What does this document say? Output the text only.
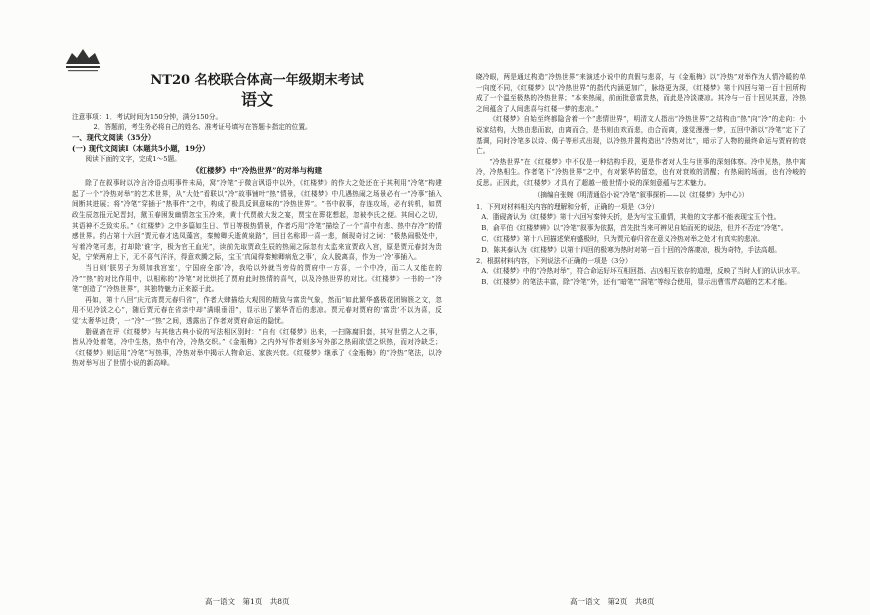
NT20 名校联合体高一年级期末考试

语文

注意事项：1．考试时间为150分钟，满分150分。

2．答题前，考生务必将自己的姓名、准考证号填写在答题卡指定的位置。

一、现代文阅读（35分）

(一) 现代文阅读Ⅰ（本题共5小题，19分）

阅读下面的文字，完成1～5题。

《红楼梦》中“冷热世界”的对举与构建

除了在叙事时以冷言冷语点明事件未局，窝“冷笔”于微言讽语中以外，《红楼梦》的作大之处还在于其利用“冷笔”构建起了一个“冷热对举”的艺术世界，从“大处”看联以“冷”故事铺叶“热”情景，《红楼梦》中几遇热闹之场景必有一“冷事”插入间断其进展；将“冷笔”穿插于“热事件”之中，构成了极具反讽意味的“冷热世界”。“书中叙事，存连攻场，必有转机，如贾政生辰忽报元妃晋封，黛玉春困发幽情忽宝玉冷来，黄十代贾赦大发之宴，贾宝在葬花想起，忽被李氏之便。其间心之切，其语神不乏致实乐。”《红楼梦》之中多篇如生日、节日等极热情景，作者巧用“冷笔”描绘了一个“喜中有悲、热中存冷”的情感世界。约占第十六回“贾元春才选凤藻宫，秦鲸卿夭逝黄泉路”，回目名称即一喜一悲，颇现奇讨之词：“极热闹极处中，写着冷笔可悲，打却除‘谁’字，极为官王血光”，读前先取贾政生辰的热闹之际忽有太监来宣贾政入宫，原是贾元春封为贵妃，宁荣两府上下，无不喜气洋洋，得意欢腾之际，宝玉‘真闻得秦鲸卿病危之事’，众人脱离喜，作为一‘冷’事插入。

当日则‘朕男子为须加我宫室’，宁国府全部‘冷，我哈以外就当旁侍的贾府中一方喜，一个中冷，而二人又能在的冷”“热”的对比作用中，以相称的”冷笔”对比烘托了贾府此时热情的喜气，以及冷热世界的对比。《红楼梦》一书的一“冷笔”创造了“冷热世界”，其独特魅力正来源于此。

再如，第十八回“庆元宵贾元春归省”，作者大肆描绘大观园的精致与富贵气象，然而“如此繁华盛极花团锦簇之文，忽用不见冷淡之心”，随后贾元春在省亲中却“满眼垂泪”，显示出了繁华背后的悲凉。贾元春对贾府的‘富贵’不以为喜，反觉‘太奢华过费’，一“冷”一“热”之间，透露出了作者对贾府命运的隐忧。

脂砚斋在评《红楼梦》与其他古典小说的写法相区别时：“自有《红楼梦》出来，一扫陈腐旧套，其写世情之人之事，皆从冷处着笔，冷中生热，热中有冷，冷热交织。”《金瓶梅》之内外写作者则多写外部之热闹欲望之炽热，而对冷缺乏；《红楼梦》则运用“冷笔”写热事，冷热对举中揭示人物命运、家族兴衰。《红楼梦》继承了《金瓶梅》的“冷热”笔法，以冷热对举写出了世情小说的新高峰。

晓冷眼，两是通过构造“冷热世界”来演述小说中的真假与悲喜，与《金瓶梅》以“冷热”对举作为人情冷暖的单一向度不同，《红楼梦》以“冷热世界”的指代内涵更加广，脉络更为深，《红楼梦》第十四回与第一百十回所构成了一个温至极热的冷热世界；“本来热闹，前面批意富贵热，而此是冷淡凄凉。其冷与一百十回见其意，冷热之间蕴含了人间悲喜与红楼一梦的悲凉。”

《红楼梦》自始至终都隐含着一个“悲情世界”，明清文人指出“冷热世界”之结构由“热”向“冷”的走向：小说家结构，大热由悲而寂，由离而合，是书则由欢而悲，由合而离，遂觉漫漫一梦，五回中渐以“冷笔”定下了基调，同时冷笔多以诗、偈子等形式出现，以冷热并置构造出“冷热对比”，暗示了人物的最终命运与贾府的衰亡。

“冷热世界”在《红楼梦》中不仅是一种结构手段，更是作者对人生与世事的深刻体察。冷中见热，热中寓冷，冷热相生。作者笔下“冷热世界”之中，有对繁华的留恋，也有对衰败的清醒；有热闹的场面，也有冷峻的反思。正因此，《红楼梦》才具有了超越一般世情小说的深刻意蕴与艺术魅力。

（摘编自张婉《明清通俗小说“冷笔”叙事探析——以《红楼梦》为中心》）

1．下列对材料相关内容的理解和分析，正确的一项是（3分）

A．脂砚斋认为《红楼梦》第十六回写秦钟夭折，是为写宝玉重情，其他的文字都不能表现宝玉个性。

B．俞平伯《红楼梦辨》以“冷笔”叙事为依据，首先批当来可辨见自始而死的说法，但并不否定“冷笔”。

C．《红楼梦》第十八回描述荣府盛极时，只为贾元春归省在意义冷热对举之处才有真实的悲凉。

D．陈其泰认为《红楼梦》以第十四回的极寒为热时对第一百十回的冷落凄凉，极为奇特，手法高超。

2．根据材料内容，下列说法不正确的一项是（3分）

A．《红楼梦》中的“冷热对举”，符合命运好坏互相回指、吉凶相互依存的道理，反映了当时人们的认识水平。

B．《红楼梦》的笔法丰富，除“冷笔”外，还有“暗笔”“洞笔”等综合使用，显示出曹雪芹高超的艺术才能。

高一语文　第1页　共8页	高一语文　第2页　共8页
